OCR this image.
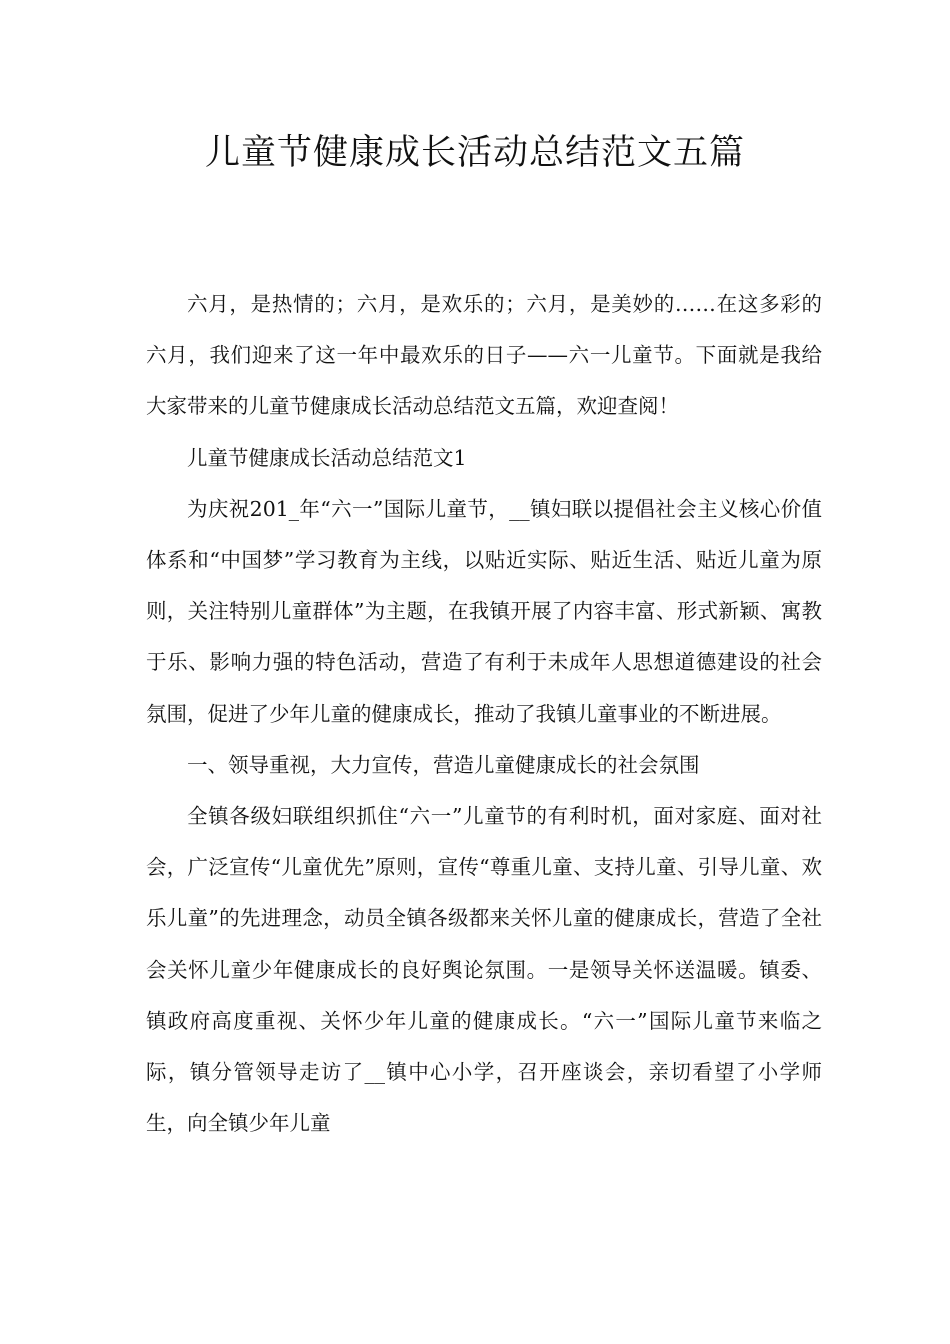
儿童节健康成长活动总结范文五篇

六月，是热情的；六月，是欢乐的；六月，是美妙的……在这多彩的六月，我们迎来了这一年中最欢乐的日子——六一儿童节。下面就是我给大家带来的儿童节健康成长活动总结范文五篇，欢迎查阅！

儿童节健康成长活动总结范文1

为庆祝201_年“六一”国际儿童节，__镇妇联以提倡社会主义核心价值体系和“中国梦”学习教育为主线，以贴近实际、贴近生活、贴近儿童为原则，关注特别儿童群体”为主题，在我镇开展了内容丰富、形式新颖、寓教于乐、影响力强的特色活动，营造了有利于未成年人思想道德建设的社会氛围，促进了少年儿童的健康成长，推动了我镇儿童事业的不断进展。

一、领导重视，大力宣传，营造儿童健康成长的社会氛围

全镇各级妇联组织抓住“六一”儿童节的有利时机，面对家庭、面对社会，广泛宣传“儿童优先”原则，宣传“尊重儿童、支持儿童、引导儿童、欢乐儿童”的先进理念，动员全镇各级都来关怀儿童的健康成长，营造了全社会关怀儿童少年健康成长的良好舆论氛围。一是领导关怀送温暖。镇委、镇政府高度重视、关怀少年儿童的健康成长。“六一”国际儿童节来临之际，镇分管领导走访了__镇中心小学，召开座谈会，亲切看望了小学师生，向全镇少年儿童
